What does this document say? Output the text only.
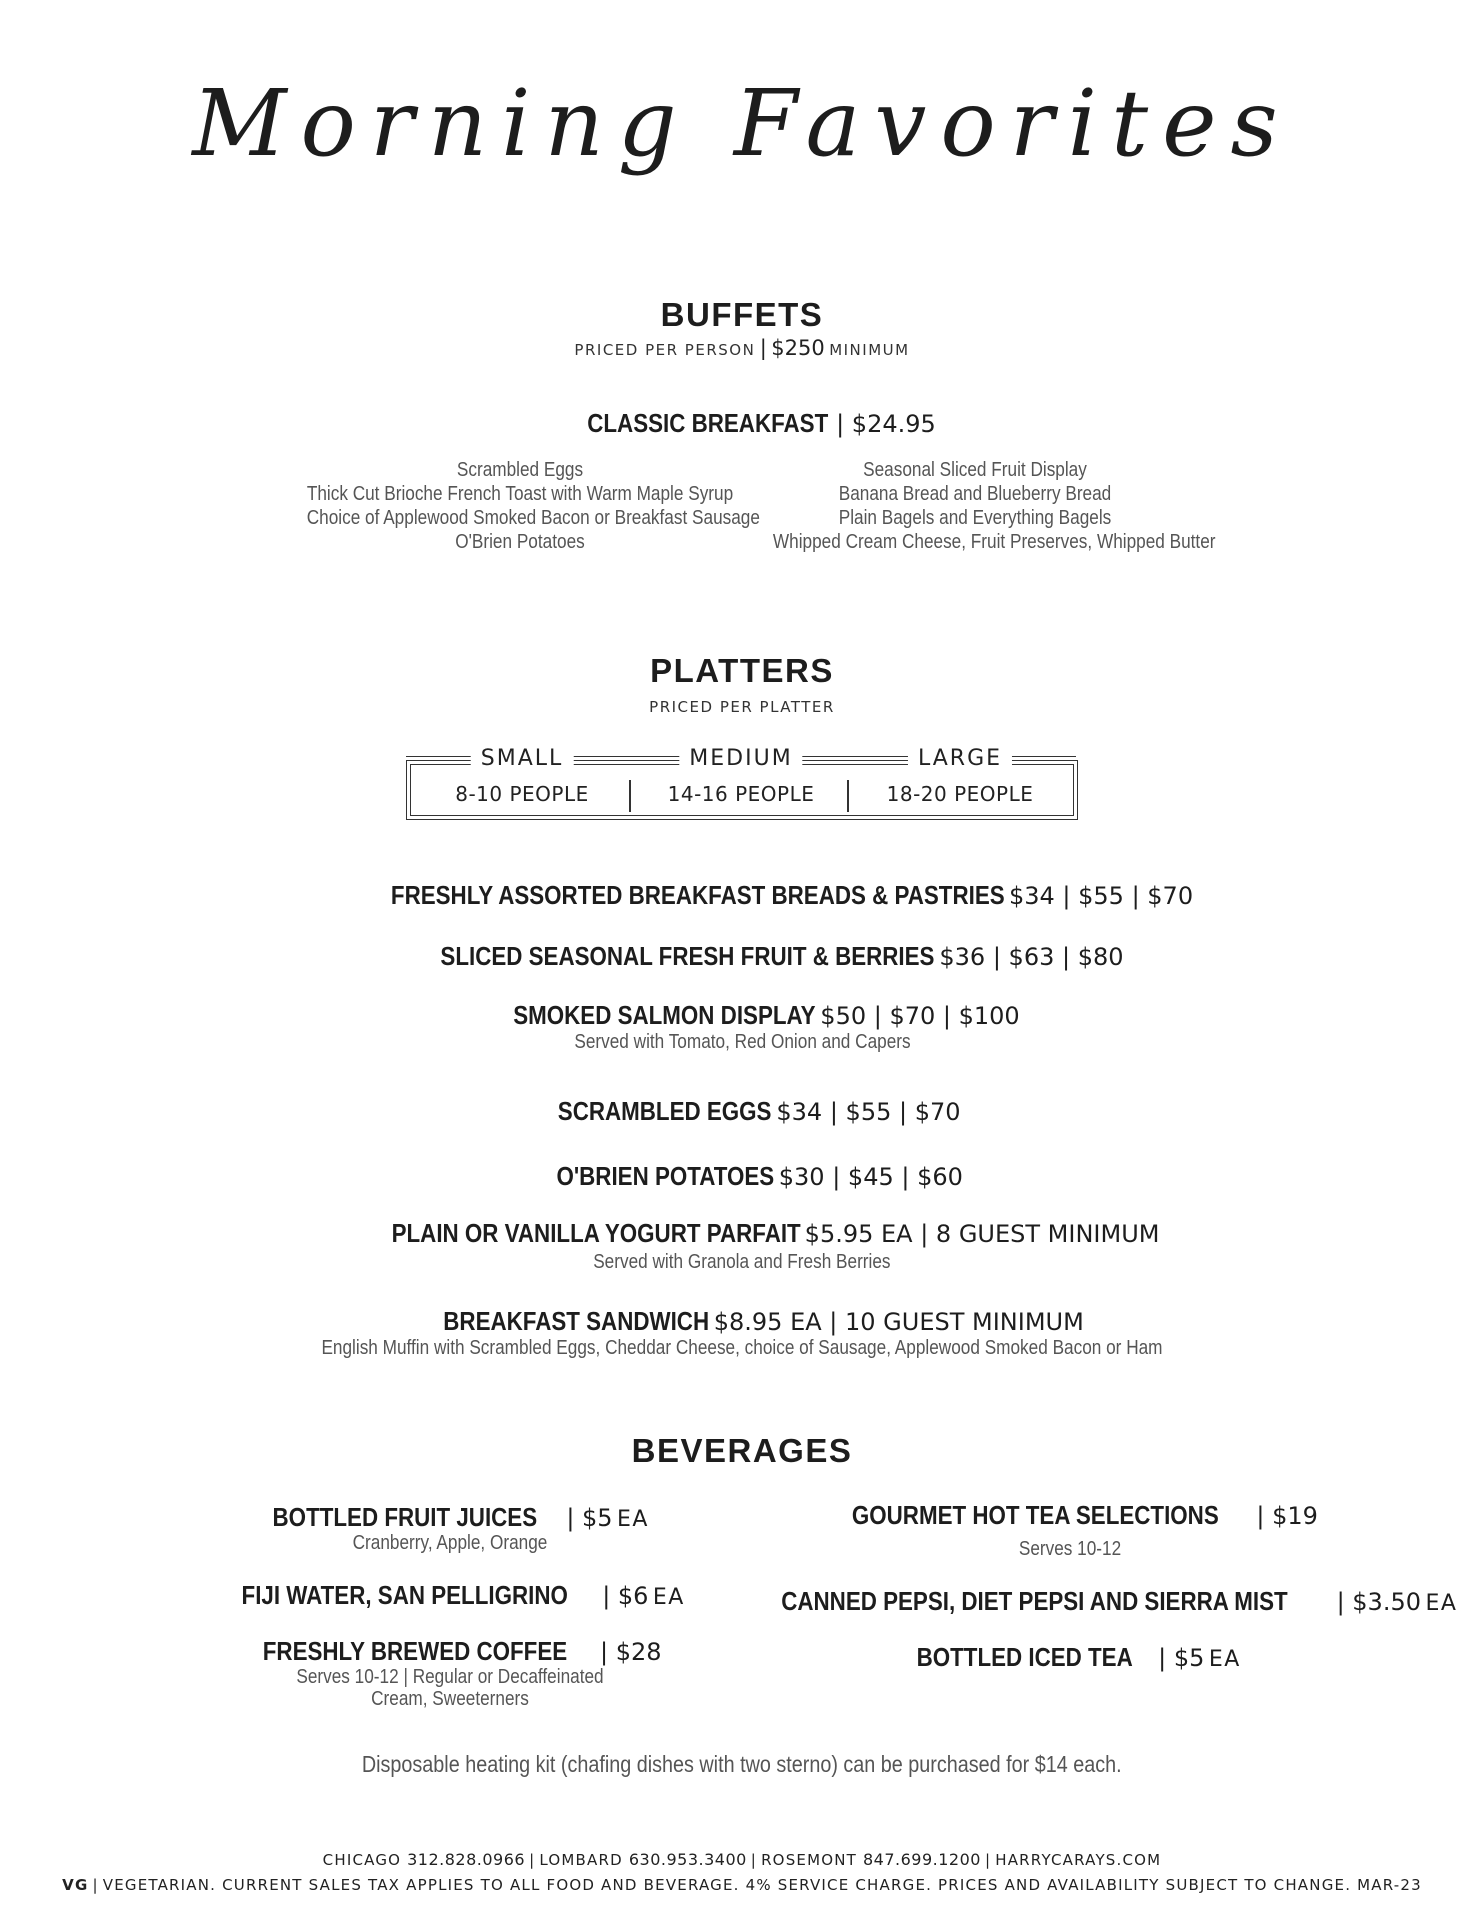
Morning Favorites
BUFFETS
PRICED PER PERSON | $250 MINIMUM
CLASSIC BREAKFAST | $24.95
Scrambled Eggs
Thick Cut Brioche French Toast with Warm Maple Syrup
Choice of Applewood Smoked Bacon or Breakfast Sausage
O'Brien Potatoes
Seasonal Sliced Fruit Display
Banana Bread and Blueberry Bread
Plain Bagels and Everything Bagels
Whipped Cream Cheese, Fruit Preserves, Whipped Butter
PLATTERS
PRICED PER PLATTER
SMALL	MEDIUM	LARGE
8-10 PEOPLE	14-16 PEOPLE	18-20 PEOPLE
FRESHLY ASSORTED BREAKFAST BREADS & PASTRIES $34 | $55 | $70
SLICED SEASONAL FRESH FRUIT & BERRIES $36 | $63 | $80
SMOKED SALMON DISPLAY $50 | $70 | $100
Served with Tomato, Red Onion and Capers
SCRAMBLED EGGS $34 | $55 | $70
O'BRIEN POTATOES $30 | $45 | $60
PLAIN OR VANILLA YOGURT PARFAIT $5.95 EA | 8 GUEST MINIMUM
Served with Granola and Fresh Berries
BREAKFAST SANDWICH $8.95 EA | 10 GUEST MINIMUM
English Muffin with Scrambled Eggs, Cheddar Cheese, choice of Sausage, Applewood Smoked Bacon or Ham
BEVERAGES
BOTTLED FRUIT JUICES | $5 EA
Cranberry, Apple, Orange
FIJI WATER, SAN PELLIGRINO | $6 EA
FRESHLY BREWED COFFEE | $28
Serves 10-12 | Regular or Decaffeinated
Cream, Sweeterners
GOURMET HOT TEA SELECTIONS | $19
Serves 10-12
CANNED PEPSI, DIET PEPSI AND SIERRA MIST | $3.50 EA
BOTTLED ICED TEA | $5 EA
Disposable heating kit (chafing dishes with two sterno) can be purchased for $14 each.
CHICAGO 312.828.0966 | LOMBARD 630.953.3400 | ROSEMONT 847.699.1200 | HARRYCARAYS.COM
VG | VEGETARIAN. CURRENT SALES TAX APPLIES TO ALL FOOD AND BEVERAGE. 4% SERVICE CHARGE. PRICES AND AVAILABILITY SUBJECT TO CHANGE. MAR-23
